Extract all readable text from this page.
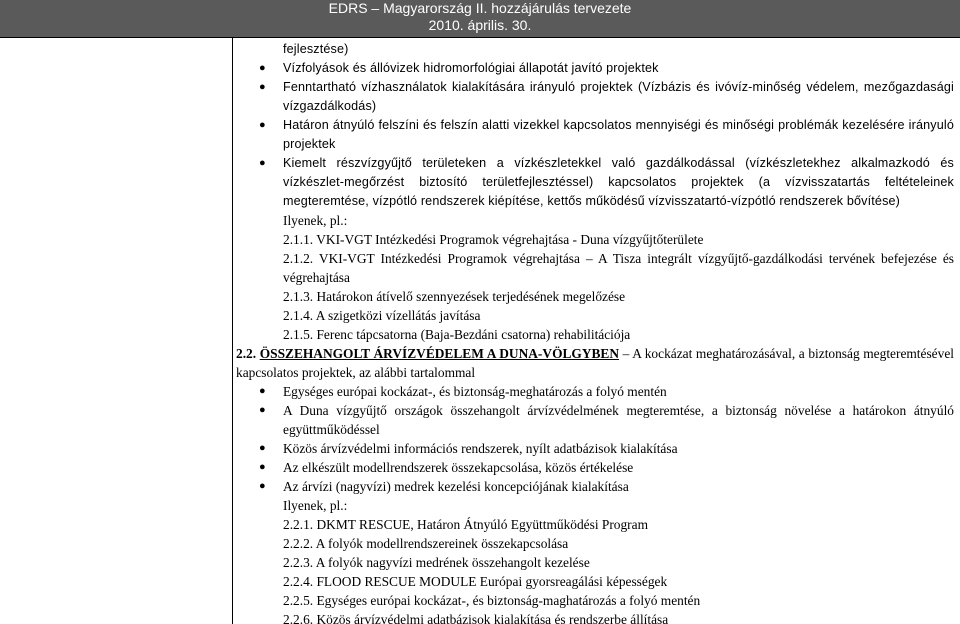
EDRS – Magyarország II. hozzájárulás tervezete
2010. április. 30.
fejlesztése)
● Vízfolyások és állóvizek hidromorfológiai állapotát javító projektek
● Fenntartható vízhasználatok kialakítására irányuló projektek (Vízbázis és ivóvíz-minőség védelem, mezőgazdasági vízgazdálkodás)
● Határon átnyúló felszíni és felszín alatti vizekkel kapcsolatos mennyiségi és minőségi problémák kezelésére irányuló projektek
● Kiemelt részvízgyűjtő területeken a vízkészletekkel való gazdálkodással (vízkészletekhez alkalmazkodó és vízkészlet-megőrzést biztosító területfejlesztéssel) kapcsolatos projektek (a vízvisszatartás feltételeinek megteremtése, vízpótló rendszerek kiépítése, kettős működésű vízvisszatartó-vízpótló rendszerek bővítése)
Ilyenek, pl.:
2.1.1. VKI-VGT Intézkedési Programok végrehajtása - Duna vízgyűjtőterülete
2.1.2. VKI-VGT Intézkedési Programok végrehajtása – A Tisza integrált vízgyűjtő-gazdálkodási tervének befejezése és végrehajtása
2.1.3. Határokon átívelő szennyezések terjedésének megelőzése
2.1.4. A szigetközi vízellátás javítása
2.1.5. Ferenc tápcsatorna (Baja-Bezdáni csatorna) rehabilitációja
2.2. ÖSSZEHANGOLT ÁRVÍZVÉDELEM A DUNA-VÖLGYBEN – A kockázat meghatározásával, a biztonság megteremtésével kapcsolatos projektek, az alábbi tartalommal
● Egységes európai kockázat-, és biztonság-meghatározás a folyó mentén
● A Duna vízgyűjtő országok összehangolt árvízvédelmének megteremtése, a biztonság növelése a határokon átnyúló együttműködéssel
● Közös árvízvédelmi információs rendszerek, nyílt adatbázisok kialakítása
● Az elkészült modellrendszerek összekapcsolása, közös értékelése
● Az árvízi (nagyvízi) medrek kezelési koncepciójának kialakítása
Ilyenek, pl.:
2.2.1. DKMT RESCUE, Határon Átnyúló Együttműködési Program
2.2.2. A folyók modellrendszereinek összekapcsolása
2.2.3. A folyók nagyvízi medrének összehangolt kezelése
2.2.4. FLOOD RESCUE MODULE Európai gyorsreagálási képességek
2.2.5. Egységes európai kockázat-, és biztonság-maghatározás a folyó mentén
2.2.6. Közös árvízvédelmi adatbázisok kialakítása és rendszerbe állítása
